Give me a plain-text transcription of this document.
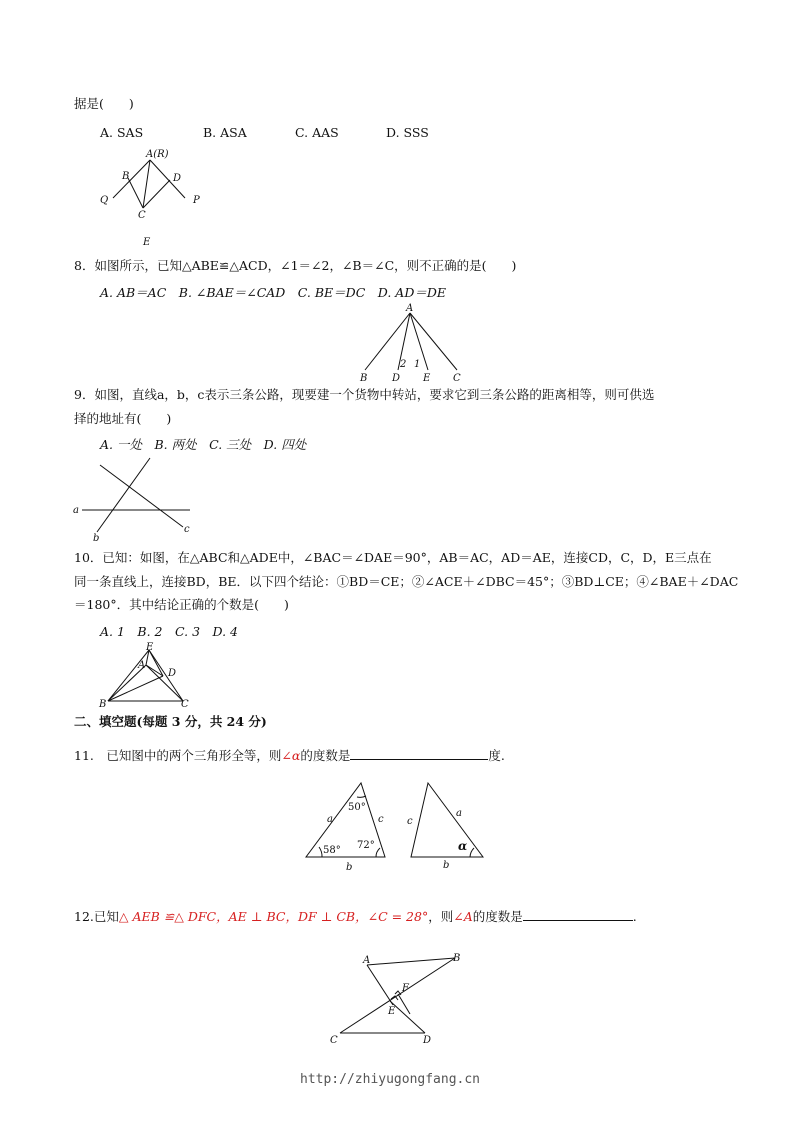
据是(　　)
A. SAS	B. ASA	C. AAS	D. SSS
A(R)
B	D
Q
C
P
E
8．如图所示，已知△ABE≌△ACD，∠1＝∠2，∠B＝∠C，则不正确的是(　　)
A. AB＝AC　B. ∠BAE＝∠CAD　C. BE＝DC　D. AD＝DE
A
B D
2 1
E C
9．如图，直线a，b，c表示三条公路，现要建一个货物中转站，要求它到三条公路的距离相等，则可供选
择的地址有(　　)
A. 一处　B. 两处　C. 三处　D. 四处
a
b
c
10．已知：如图，在△ABC和△ADE中，∠BAC＝∠DAE＝90°，AB＝AC，AD＝AE，连接CD，C，D，E三点在
同一条直线上，连接BD，BE．以下四个结论：①BD＝CE；②∠ACE＋∠DBC＝45°；③BD⊥CE；④∠BAE＋∠DAC
＝180°．其中结论正确的个数是(　　)
A. 1　B. 2　C. 3　D. 4
E
A
D
B	C
二、填空题(每题 3 分，共 24 分)
11.　已知图中的两个三角形全等，则∠α的度数是	度.
50°
a	c
58° 72°
b
c
a
α
b
12.已知△ AEB ≌△ DFC，AE ⊥ BC，DF ⊥ CB，∠C = 28°，则∠A的度数是	.
A	B
F
E
C	D
http://zhiyugongfang.cn
